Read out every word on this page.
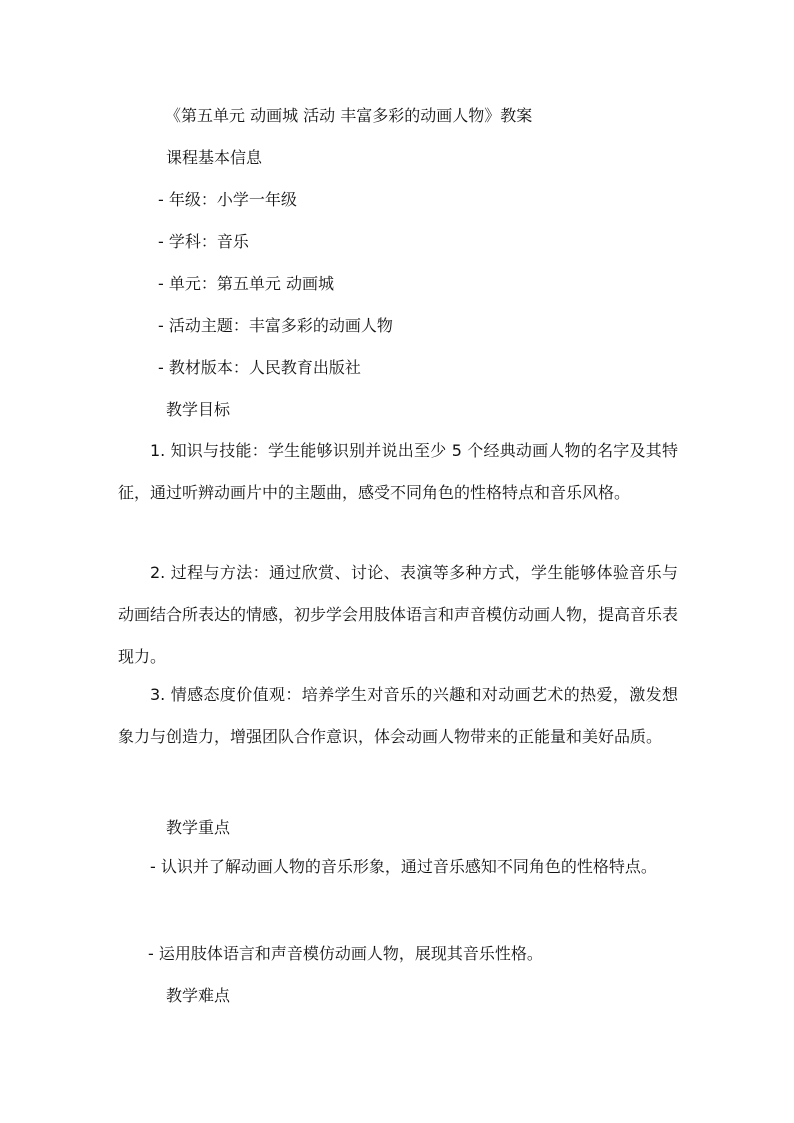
《第五单元 动画城 活动 丰富多彩的动画人物》教案
课程基本信息
- 年级：小学一年级
- 学科：音乐
- 单元：第五单元 动画城
- 活动主题：丰富多彩的动画人物
- 教材版本：人民教育出版社
教学目标
1. 知识与技能：学生能够识别并说出至少 5 个经典动画人物的名字及其特征，通过听辨动画片中的主题曲，感受不同角色的性格特点和音乐风格。
2. 过程与方法：通过欣赏、讨论、表演等多种方式，学生能够体验音乐与动画结合所表达的情感，初步学会用肢体语言和声音模仿动画人物，提高音乐表现力。
3. 情感态度价值观：培养学生对音乐的兴趣和对动画艺术的热爱，激发想象力与创造力，增强团队合作意识，体会动画人物带来的正能量和美好品质。
教学重点
- 认识并了解动画人物的音乐形象，通过音乐感知不同角色的性格特点。
- 运用肢体语言和声音模仿动画人物，展现其音乐性格。
教学难点
